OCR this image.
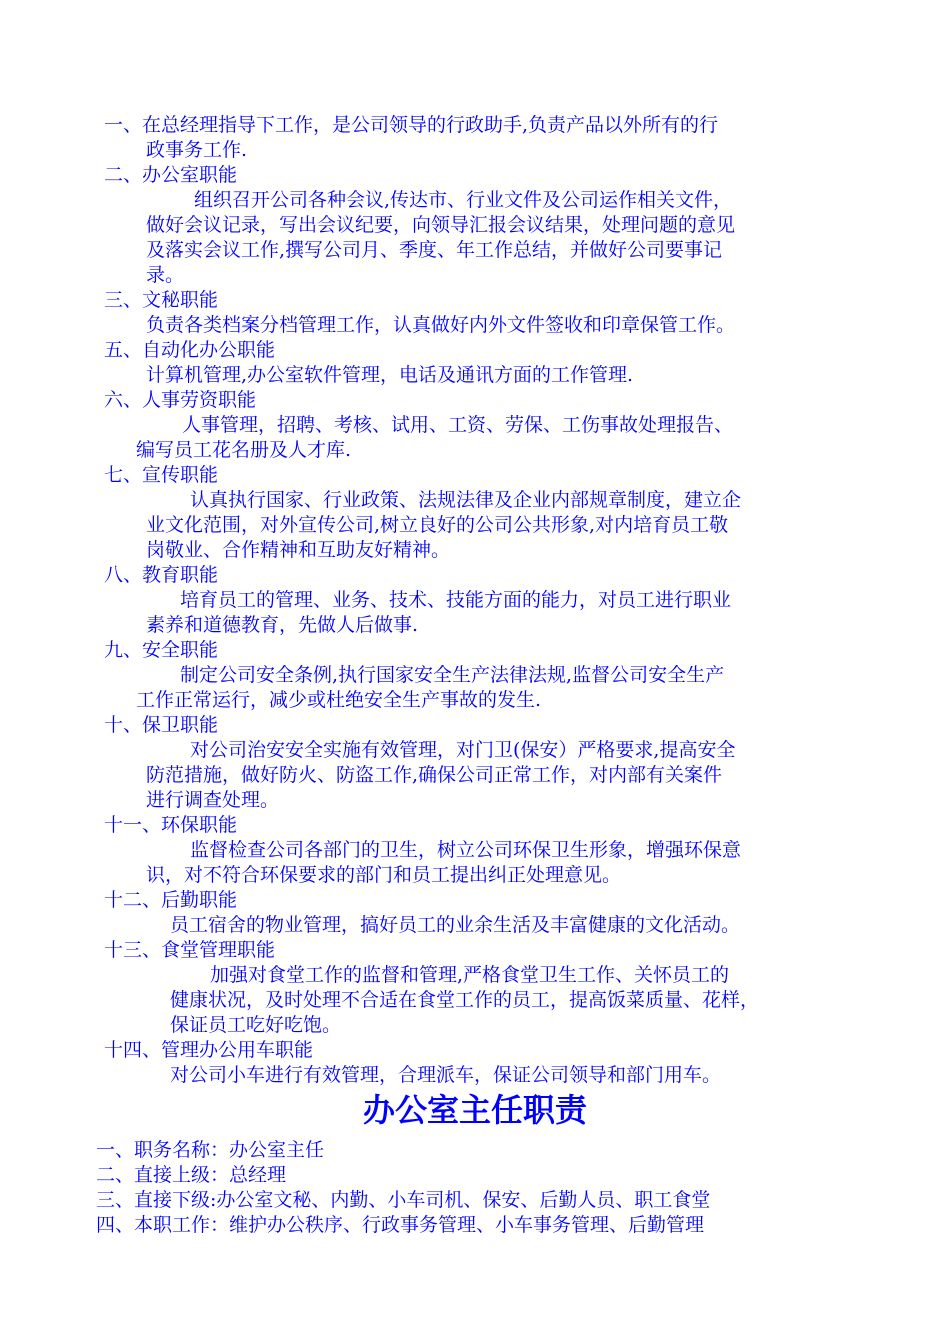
一、在总经理指导下工作，是公司领导的行政助手,负责产品以外所有的行
政事务工作.
二、办公室职能
组织召开公司各种会议,传达市、行业文件及公司运作相关文件，
做好会议记录，写出会议纪要，向领导汇报会议结果，处理问题的意见
及落实会议工作,撰写公司月、季度、年工作总结，并做好公司要事记
录。
三、文秘职能
负责各类档案分档管理工作，认真做好内外文件签收和印章保管工作。
五、自动化办公职能
计算机管理,办公室软件管理，电话及通讯方面的工作管理.
六、人事劳资职能
人事管理，招聘、考核、试用、工资、劳保、工伤事故处理报告、
编写员工花名册及人才库.
七、宣传职能
认真执行国家、行业政策、法规法律及企业内部规章制度，建立企
业文化范围，对外宣传公司,树立良好的公司公共形象,对内培育员工敬
岗敬业、合作精神和互助友好精神。
八、教育职能
培育员工的管理、业务、技术、技能方面的能力，对员工进行职业
素养和道德教育，先做人后做事.
九、安全职能
制定公司安全条例,执行国家安全生产法律法规,监督公司安全生产
工作正常运行，减少或杜绝安全生产事故的发生.
十、保卫职能
对公司治安安全实施有效管理，对门卫(保安）严格要求,提高安全
防范措施，做好防火、防盗工作,确保公司正常工作，对内部有关案件
进行调查处理。
十一、环保职能
监督检查公司各部门的卫生，树立公司环保卫生形象，增强环保意
识，对不符合环保要求的部门和员工提出纠正处理意见。
十二、后勤职能
员工宿舍的物业管理，搞好员工的业余生活及丰富健康的文化活动。
十三、食堂管理职能
加强对食堂工作的监督和管理,严格食堂卫生工作、关怀员工的
健康状况，及时处理不合适在食堂工作的员工，提高饭菜质量、花样，
保证员工吃好吃饱。
十四、管理办公用车职能
对公司小车进行有效管理，合理派车，保证公司领导和部门用车。
办公室主任职责
一、职务名称：办公室主任
二、直接上级：总经理
三、直接下级:办公室文秘、内勤、小车司机、保安、后勤人员、职工食堂
四、本职工作：维护办公秩序、行政事务管理、小车事务管理、后勤管理
